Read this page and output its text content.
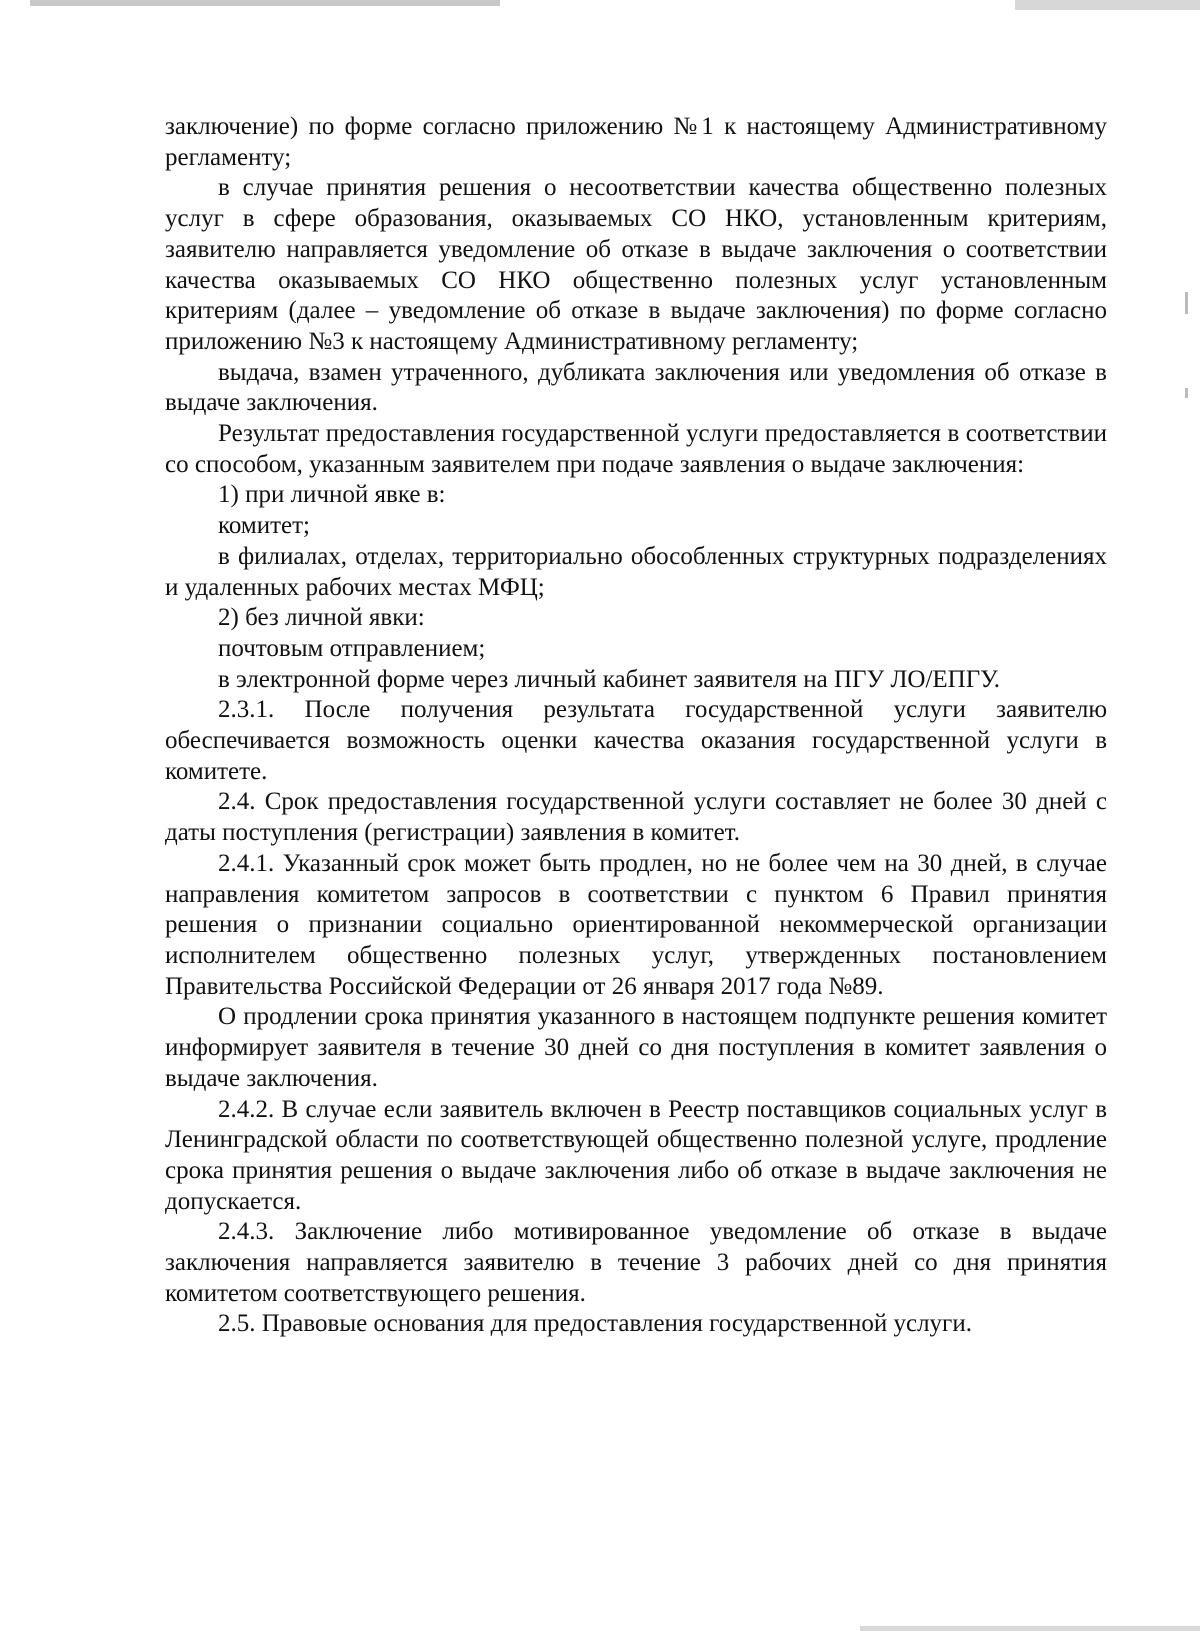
заключение) по форме согласно приложению №1 к настоящему Административному регламенту;

в случае принятия решения о несоответствии качества общественно полезных услуг в сфере образования, оказываемых СО НКО, установленным критериям, заявителю направляется уведомление об отказе в выдаче заключения о соответствии качества оказываемых СО НКО общественно полезных услуг установленным критериям (далее – уведомление об отказе в выдаче заключения) по форме согласно приложению №3 к настоящему Административному регламенту;

выдача, взамен утраченного, дубликата заключения или уведомления об отказе в выдаче заключения.

Результат предоставления государственной услуги предоставляется в соответствии со способом, указанным заявителем при подаче заявления о выдаче заключения:

1) при личной явке в:

комитет;

в филиалах, отделах, территориально обособленных структурных подразделениях и удаленных рабочих местах МФЦ;

2) без личной явки:

почтовым отправлением;

в электронной форме через личный кабинет заявителя на ПГУ ЛО/ЕПГУ.

2.3.1. После получения результата государственной услуги заявителю обеспечивается возможность оценки качества оказания государственной услуги в комитете.

2.4. Срок предоставления государственной услуги составляет не более 30 дней с даты поступления (регистрации) заявления в комитет.

2.4.1. Указанный срок может быть продлен, но не более чем на 30 дней, в случае направления комитетом запросов в соответствии с пунктом 6 Правил принятия решения о признании социально ориентированной некоммерческой организации исполнителем общественно полезных услуг, утвержденных постановлением Правительства Российской Федерации от 26 января 2017 года №89.

О продлении срока принятия указанного в настоящем подпункте решения комитет информирует заявителя в течение 30 дней со дня поступления в комитет заявления о выдаче заключения.

2.4.2. В случае если заявитель включен в Реестр поставщиков социальных услуг в Ленинградской области по соответствующей общественно полезной услуге, продление срока принятия решения о выдаче заключения либо об отказе в выдаче заключения не допускается.

2.4.3. Заключение либо мотивированное уведомление об отказе в выдаче заключения направляется заявителю в течение 3 рабочих дней со дня принятия комитетом соответствующего решения.

2.5. Правовые основания для предоставления государственной услуги.
